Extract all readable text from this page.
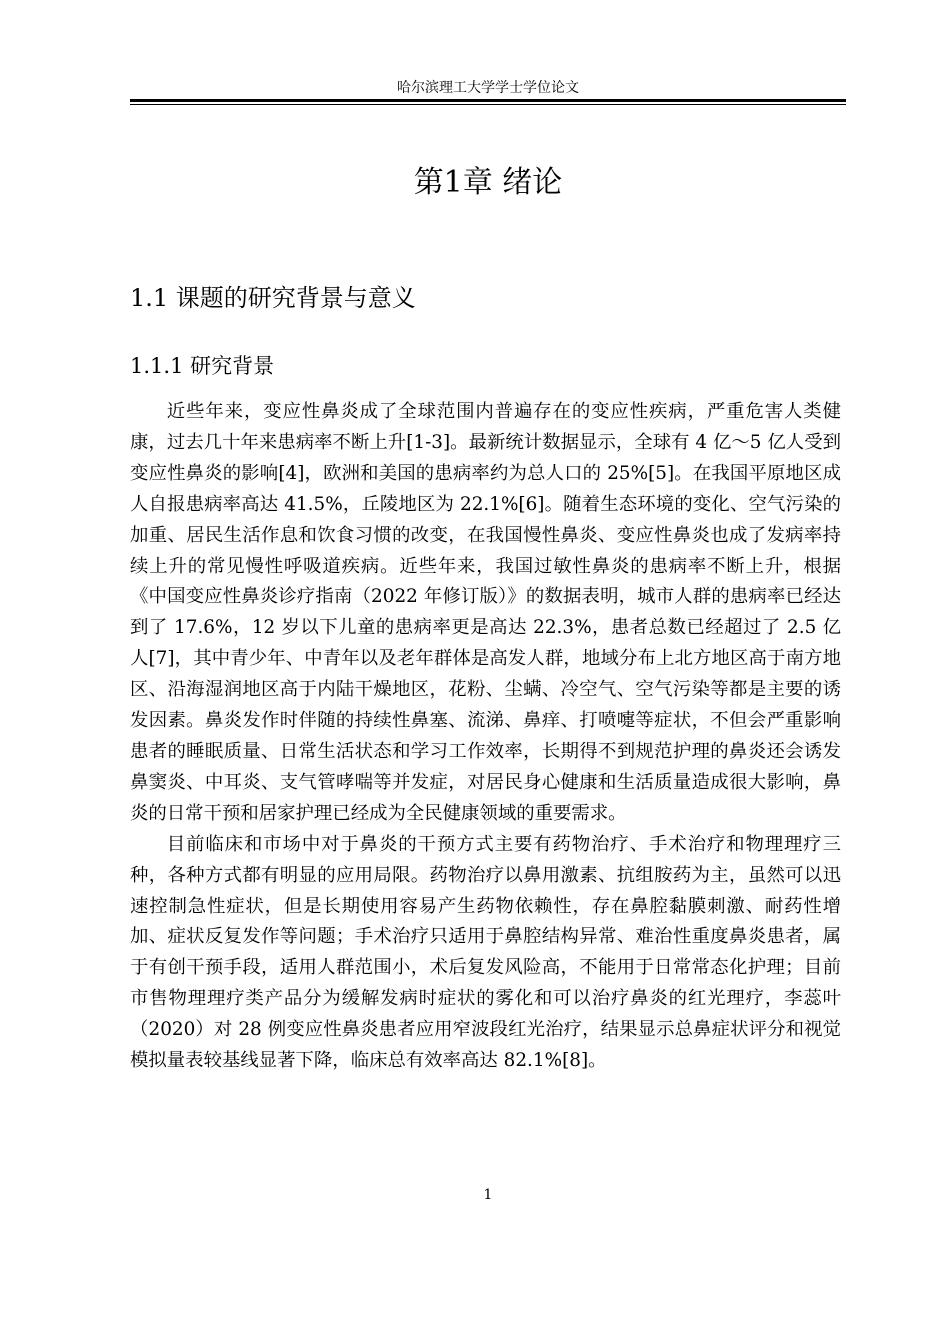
哈尔滨理工大学学士学位论文
第1章 绪论
1.1 课题的研究背景与意义
1.1.1 研究背景

近些年来，变应性鼻炎成了全球范围内普遍存在的变应性疾病，严重危害人类健康，过去几十年来患病率不断上升[1-3]。最新统计数据显示，全球有 4 亿～5 亿人受到变应性鼻炎的影响[4]，欧洲和美国的患病率约为总人口的 25%[5]。在我国平原地区成人自报患病率高达 41.5%，丘陵地区为 22.1%[6]。随着生态环境的变化、空气污染的加重、居民生活作息和饮食习惯的改变，在我国慢性鼻炎、变应性鼻炎也成了发病率持续上升的常见慢性呼吸道疾病。近些年来，我国过敏性鼻炎的患病率不断上升，根据《中国变应性鼻炎诊疗指南（2022 年修订版）》的数据表明，城市人群的患病率已经达到了 17.6%，12 岁以下儿童的患病率更是高达 22.3%，患者总数已经超过了 2.5 亿人[7]，其中青少年、中青年以及老年群体是高发人群，地域分布上北方地区高于南方地区、沿海湿润地区高于内陆干燥地区，花粉、尘螨、冷空气、空气污染等都是主要的诱发因素。鼻炎发作时伴随的持续性鼻塞、流涕、鼻痒、打喷嚏等症状，不但会严重影响患者的睡眠质量、日常生活状态和学习工作效率，长期得不到规范护理的鼻炎还会诱发鼻窦炎、中耳炎、支气管哮喘等并发症，对居民身心健康和生活质量造成很大影响，鼻炎的日常干预和居家护理已经成为全民健康领域的重要需求。

目前临床和市场中对于鼻炎的干预方式主要有药物治疗、手术治疗和物理理疗三种，各种方式都有明显的应用局限。药物治疗以鼻用激素、抗组胺药为主，虽然可以迅速控制急性症状，但是长期使用容易产生药物依赖性，存在鼻腔黏膜刺激、耐药性增加、症状反复发作等问题；手术治疗只适用于鼻腔结构异常、难治性重度鼻炎患者，属于有创干预手段，适用人群范围小，术后复发风险高，不能用于日常常态化护理；目前市售物理理疗类产品分为缓解发病时症状的雾化和可以治疗鼻炎的红光理疗，李蕊叶（2020）对 28 例变应性鼻炎患者应用窄波段红光治疗，结果显示总鼻症状评分和视觉模拟量表较基线显著下降，临床总有效率高达 82.1%[8]。

1
